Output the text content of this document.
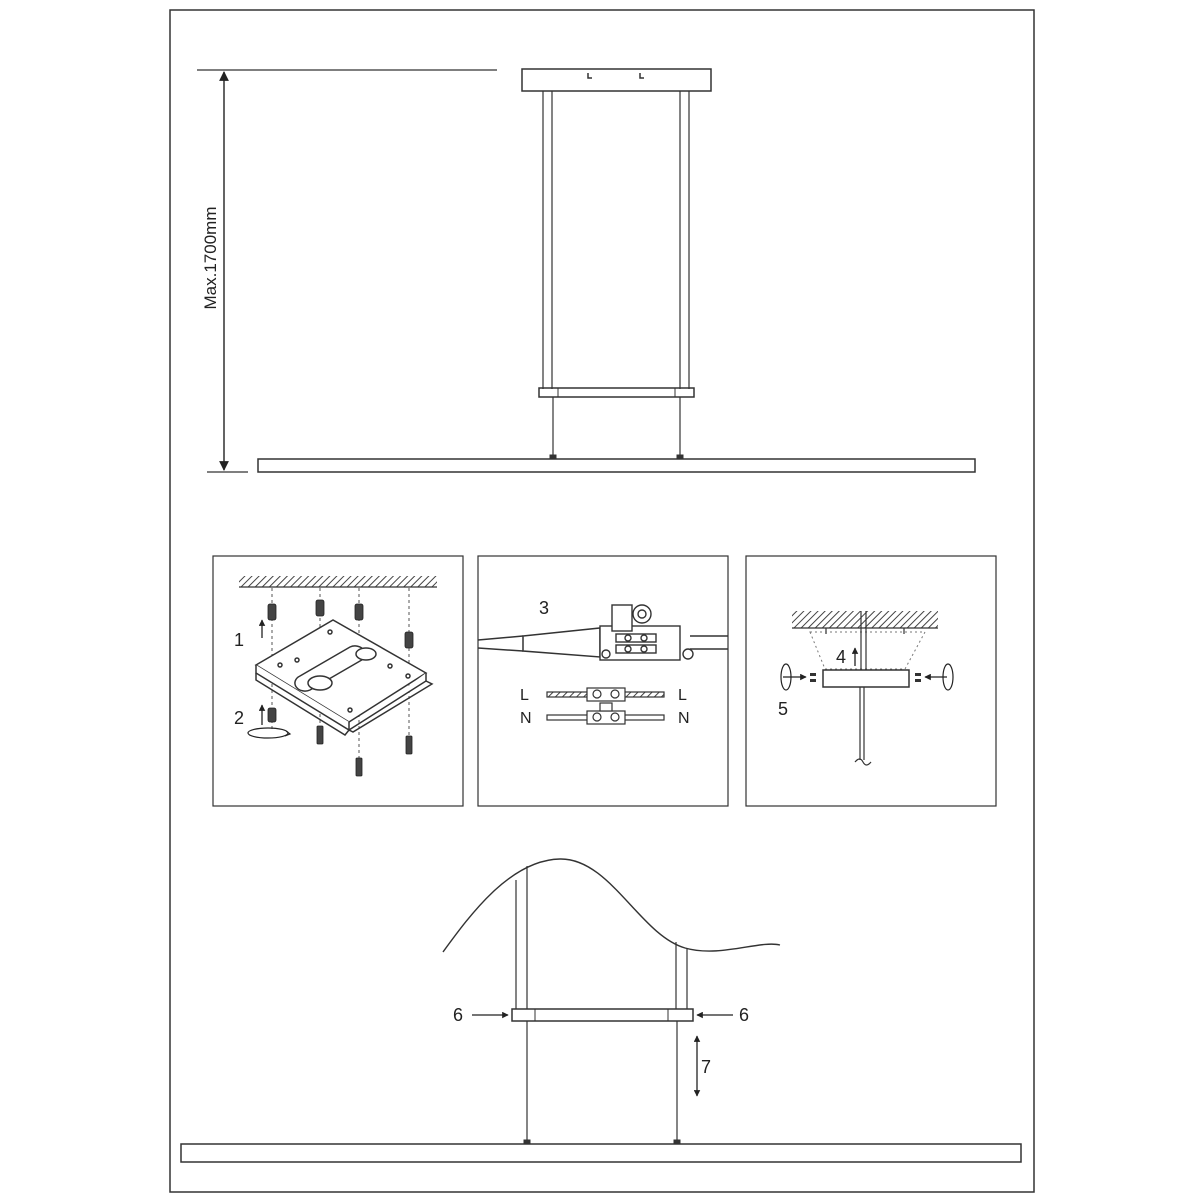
Max.1700mm
1
2
3
L	L
N	N
4
5
6	6
7
